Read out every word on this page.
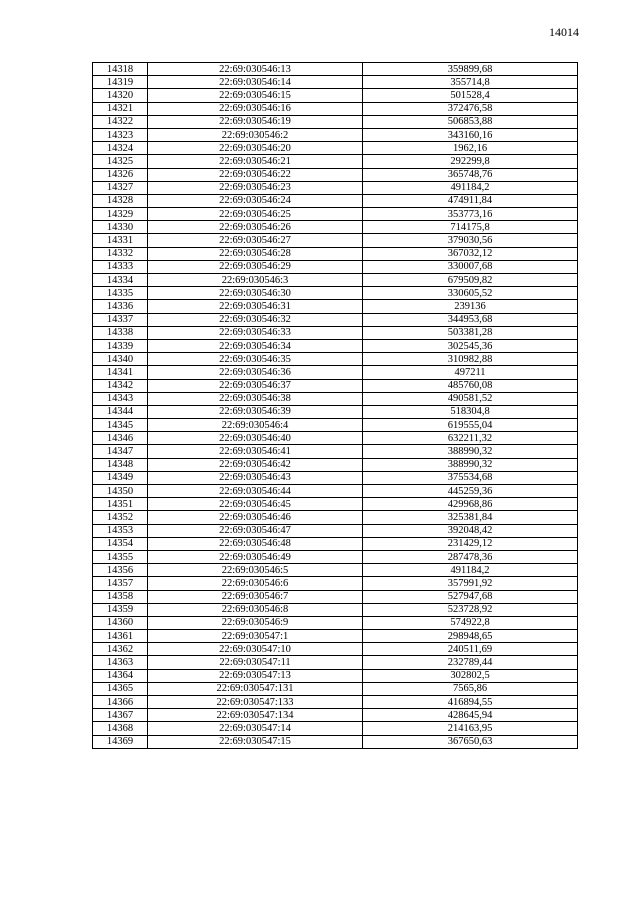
14014
14318	22:69:030546:13	359899,68
14319	22:69:030546:14	355714,8
14320	22:69:030546:15	501528,4
14321	22:69:030546:16	372476,58
14322	22:69:030546:19	506853,88
14323	22:69:030546:2	343160,16
14324	22:69:030546:20	1962,16
14325	22:69:030546:21	292299,8
14326	22:69:030546:22	365748,76
14327	22:69:030546:23	491184,2
14328	22:69:030546:24	474911,84
14329	22:69:030546:25	353773,16
14330	22:69:030546:26	714175,8
14331	22:69:030546:27	379030,56
14332	22:69:030546:28	367032,12
14333	22:69:030546:29	330007,68
14334	22:69:030546:3	679509,82
14335	22:69:030546:30	330605,52
14336	22:69:030546:31	239136
14337	22:69:030546:32	344953,68
14338	22:69:030546:33	503381,28
14339	22:69:030546:34	302545,36
14340	22:69:030546:35	310982,88
14341	22:69:030546:36	497211
14342	22:69:030546:37	485760,08
14343	22:69:030546:38	490581,52
14344	22:69:030546:39	518304,8
14345	22:69:030546:4	619555,04
14346	22:69:030546:40	632211,32
14347	22:69:030546:41	388990,32
14348	22:69:030546:42	388990,32
14349	22:69:030546:43	375534,68
14350	22:69:030546:44	445259,36
14351	22:69:030546:45	429968,86
14352	22:69:030546:46	325381,84
14353	22:69:030546:47	392048,42
14354	22:69:030546:48	231429,12
14355	22:69:030546:49	287478,36
14356	22:69:030546:5	491184,2
14357	22:69:030546:6	357991,92
14358	22:69:030546:7	527947,68
14359	22:69:030546:8	523728,92
14360	22:69:030546:9	574922,8
14361	22:69:030547:1	298948,65
14362	22:69:030547:10	240511,69
14363	22:69:030547:11	232789,44
14364	22:69:030547:13	302802,5
14365	22:69:030547:131	7565,86
14366	22:69:030547:133	416894,55
14367	22:69:030547:134	428645,94
14368	22:69:030547:14	214163,95
14369	22:69:030547:15	367650,63
